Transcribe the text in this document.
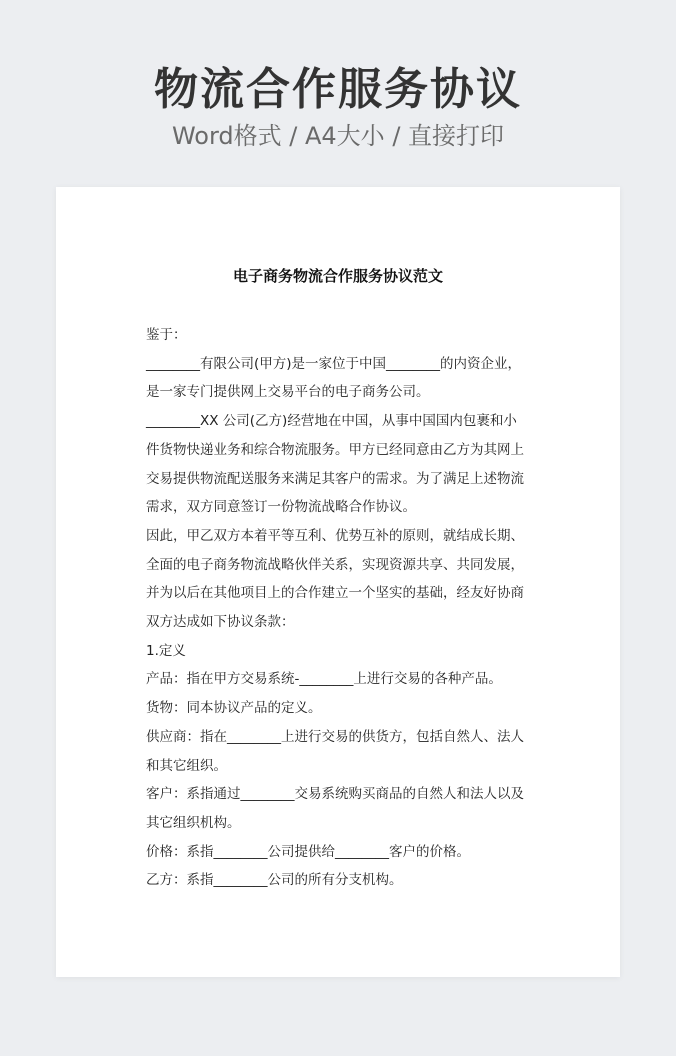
物流合作服务协议
Word格式 / A4大小 / 直接打印
电子商务物流合作服务协议范文

鉴于：

________有限公司(甲方)是一家位于中国________的内资企业，

是一家专门提供网上交易平台的电子商务公司。

________XX 公司(乙方)经营地在中国，从事中国国内包裹和小

件货物快递业务和综合物流服务。甲方已经同意由乙方为其网上

交易提供物流配送服务来满足其客户的需求。为了满足上述物流

需求，双方同意签订一份物流战略合作协议。

因此，甲乙双方本着平等互利、优势互补的原则，就结成长期、

全面的电子商务物流战略伙伴关系，实现资源共享、共同发展，

并为以后在其他项目上的合作建立一个坚实的基础，经友好协商

双方达成如下协议条款：

1.定义

产品：指在甲方交易系统-________上进行交易的各种产品。

货物：同本协议产品的定义。

供应商：指在________上进行交易的供货方，包括自然人、法人

和其它组织。

客户：系指通过________交易系统购买商品的自然人和法人以及

其它组织机构。

价格：系指________公司提供给________客户的价格。

乙方：系指________公司的所有分支机构。
